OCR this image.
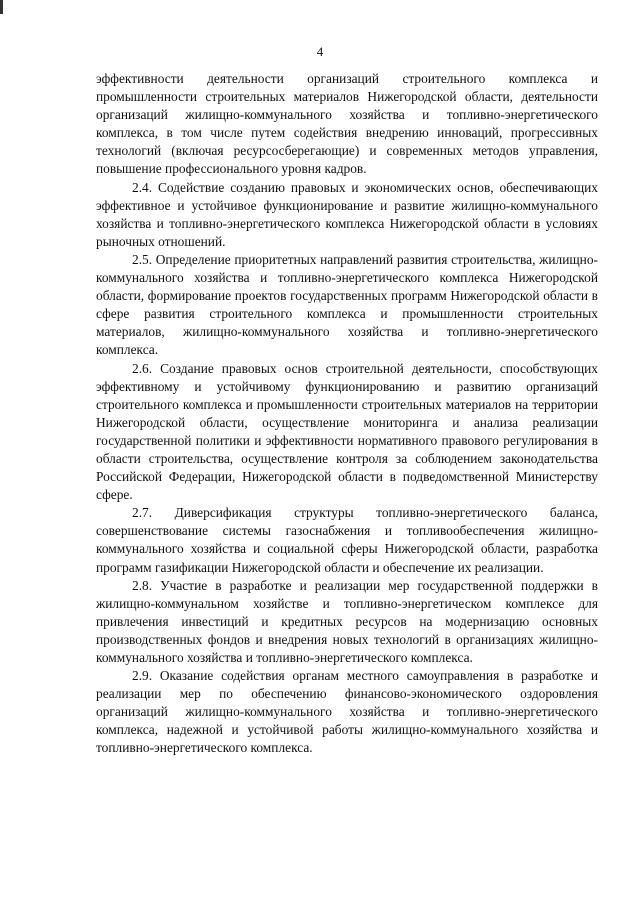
4

эффективности деятельности организаций строительного комплекса и промышленности строительных материалов Нижегородской области, деятельности организаций жилищно-коммунального хозяйства и топливно-энергетического комплекса, в том числе путем содействия внедрению инноваций, прогрессивных технологий (включая ресурсосберегающие) и современных методов управления, повышение профессионального уровня кадров.

2.4. Содействие созданию правовых и экономических основ, обеспечивающих эффективное и устойчивое функционирование и развитие жилищно-коммунального хозяйства и топливно-энергетического комплекса Нижегородской области в условиях рыночных отношений.

2.5. Определение приоритетных направлений развития строительства, жилищно-коммунального хозяйства и топливно-энергетического комплекса Нижегородской области, формирование проектов государственных программ Нижегородской области в сфере развития строительного комплекса и промышленности строительных материалов, жилищно-коммунального хозяйства и топливно-энергетического комплекса.

2.6. Создание правовых основ строительной деятельности, способствующих эффективному и устойчивому функционированию и развитию организаций строительного комплекса и промышленности строительных материалов на территории Нижегородской области, осуществление мониторинга и анализа реализации государственной политики и эффективности нормативного правового регулирования в области строительства, осуществление контроля за соблюдением законодательства Российской Федерации, Нижегородской области в подведомственной Министерству сфере.

2.7. Диверсификация структуры топливно-энергетического баланса, совершенствование системы газоснабжения и топливообеспечения жилищно-коммунального хозяйства и социальной сферы Нижегородской области, разработка программ газификации Нижегородской области и обеспечение их реализации.

2.8. Участие в разработке и реализации мер государственной поддержки в жилищно-коммунальном хозяйстве и топливно-энергетическом комплексе для привлечения инвестиций и кредитных ресурсов на модернизацию основных производственных фондов и внедрения новых технологий в организациях жилищно-коммунального хозяйства и топливно-энергетического комплекса.

2.9. Оказание содействия органам местного самоуправления в разработке и реализации мер по обеспечению финансово-экономического оздоровления организаций жилищно-коммунального хозяйства и топливно-энергетического комплекса, надежной и устойчивой работы жилищно-коммунального хозяйства и топливно-энергетического комплекса.
